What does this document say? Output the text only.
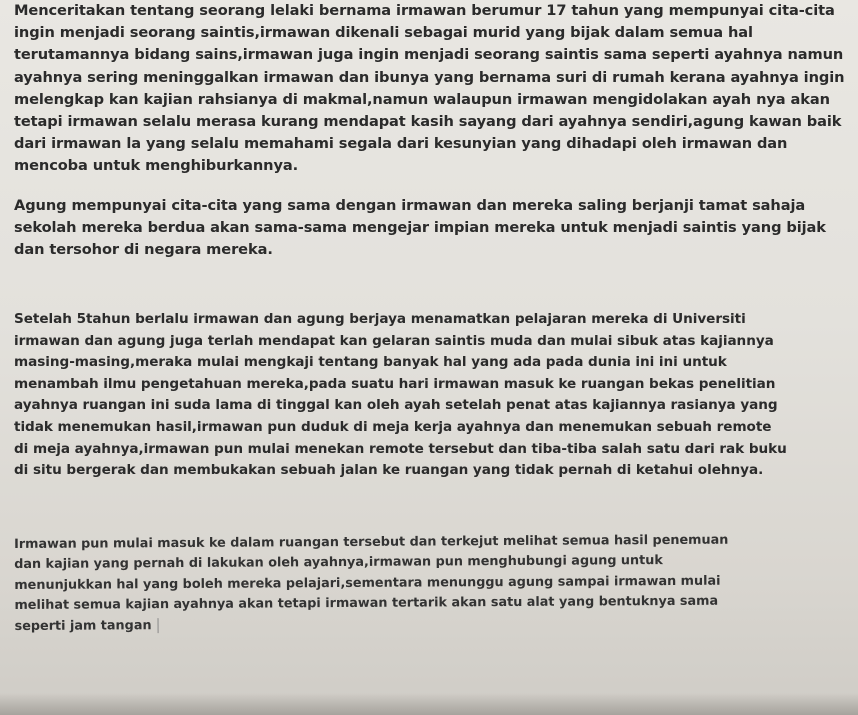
Menceritakan tentang seorang lelaki bernama irmawan berumur 17 tahun yang mempunyai cita-cita
ingin menjadi seorang saintis,irmawan dikenali sebagai murid yang bijak dalam semua hal
terutamannya bidang sains,irmawan juga ingin menjadi seorang saintis sama seperti ayahnya namun
ayahnya sering meninggalkan irmawan dan ibunya yang bernama suri di rumah kerana ayahnya ingin
melengkap kan kajian rahsianya di makmal,namun walaupun irmawan mengidolakan ayah nya akan
tetapi irmawan selalu merasa kurang mendapat kasih sayang dari ayahnya sendiri,agung kawan baik
dari irmawan la yang selalu memahami segala dari kesunyian yang dihadapi oleh irmawan dan
mencoba untuk menghiburkannya.

Agung mempunyai cita-cita yang sama dengan irmawan dan mereka saling berjanji tamat sahaja
sekolah mereka berdua akan sama-sama mengejar impian mereka untuk menjadi saintis yang bijak
dan tersohor di negara mereka.

Setelah 5tahun berlalu irmawan dan agung berjaya menamatkan pelajaran mereka di Universiti
irmawan dan agung juga terlah mendapat kan gelaran saintis muda dan mulai sibuk atas kajiannya
masing-masing,meraka mulai mengkaji tentang banyak hal yang ada pada dunia ini ini untuk
menambah ilmu pengetahuan mereka,pada suatu hari irmawan masuk ke ruangan bekas penelitian
ayahnya ruangan ini suda lama di tinggal kan oleh ayah setelah penat atas kajiannya rasianya yang
tidak menemukan hasil,irmawan pun duduk di meja kerja ayahnya dan menemukan sebuah remote
di meja ayahnya,irmawan pun mulai menekan remote tersebut dan tiba-tiba salah satu dari rak buku
di situ bergerak dan membukakan sebuah jalan ke ruangan yang tidak pernah di ketahui olehnya.

Irmawan pun mulai masuk ke dalam ruangan tersebut dan terkejut melihat semua hasil penemuan
dan kajian yang pernah di lakukan oleh ayahnya,irmawan pun menghubungi agung untuk
menunjukkan hal yang boleh mereka pelajari,sementara menunggu agung sampai irmawan mulai
melihat semua kajian ayahnya akan tetapi irmawan tertarik akan satu alat yang bentuknya sama
seperti jam tangan
